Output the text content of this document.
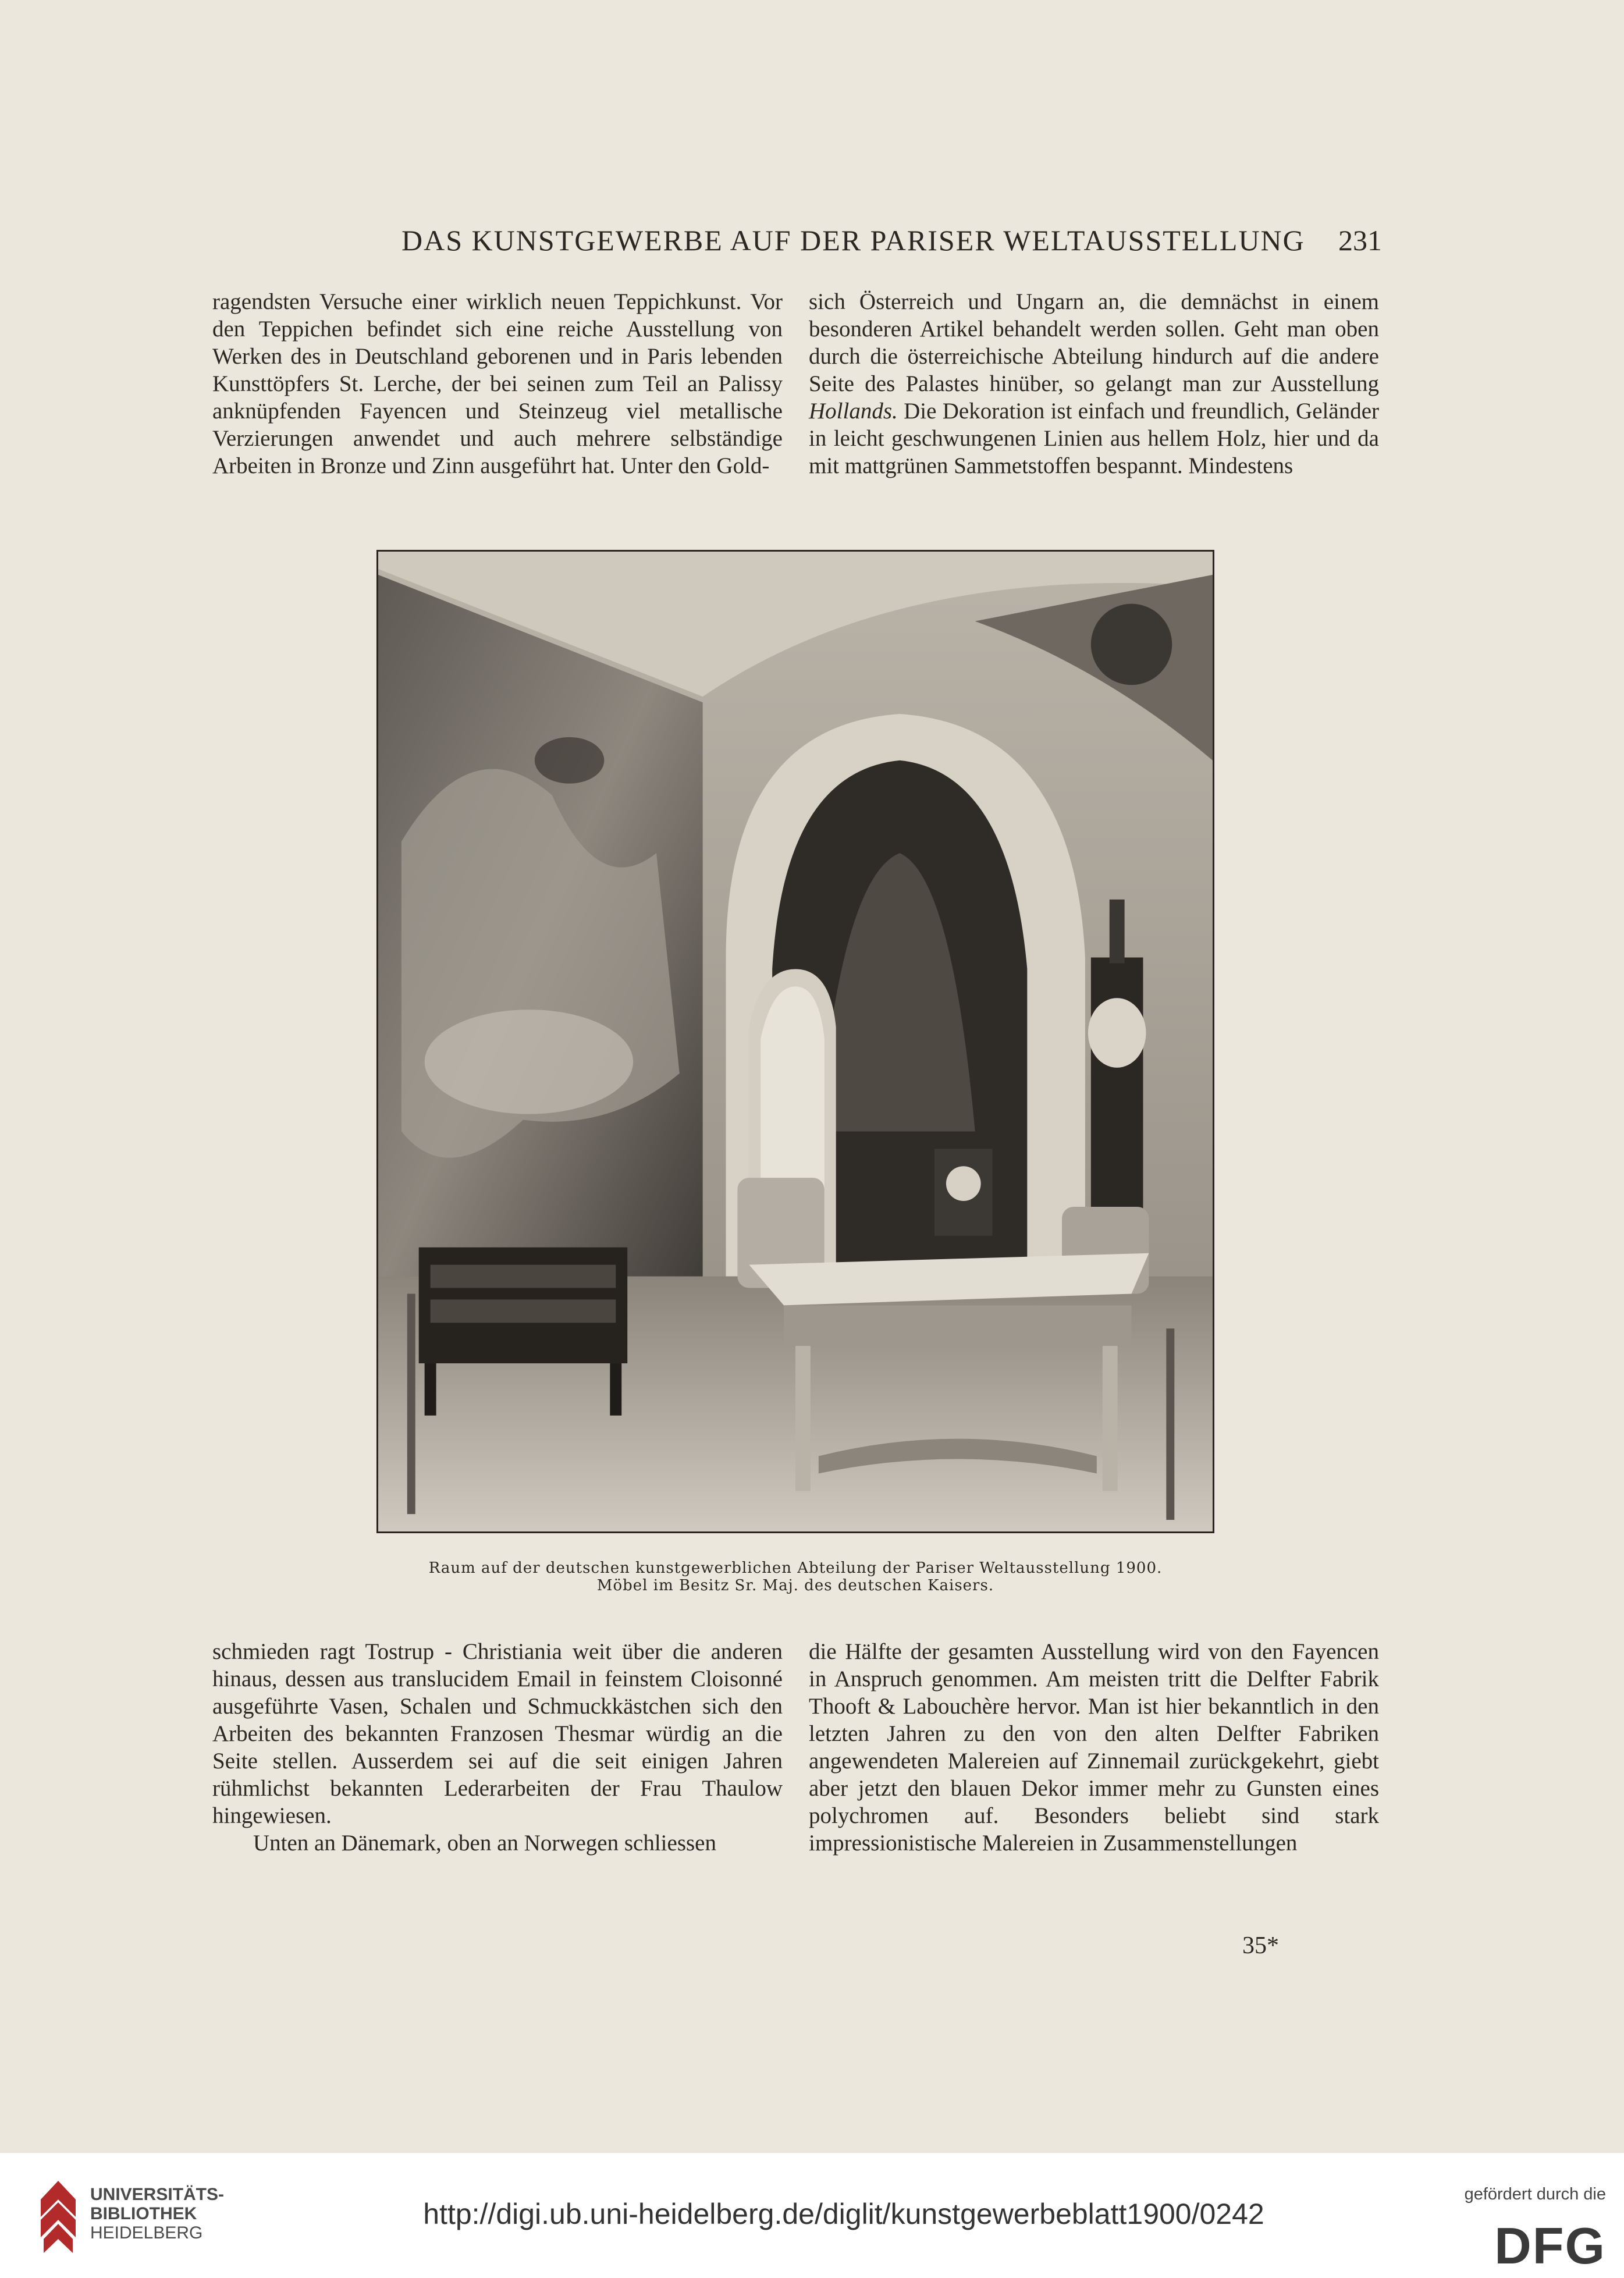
DAS KUNSTGEWERBE AUF DER PARISER WELTAUSSTELLUNG	231

ragendsten Versuche einer wirklich neuen Teppichkunst. Vor den Teppichen befindet sich eine reiche Ausstellung von Werken des in Deutschland geborenen und in Paris lebenden Kunsttöpfers St. Lerche, der bei seinen zum Teil an Palissy anknüpfenden Fayencen und Steinzeug viel metallische Verzierungen anwendet und auch mehrere selbständige Arbeiten in Bronze und Zinn ausgeführt hat. Unter den Gold-

sich Österreich und Ungarn an, die demnächst in einem besonderen Artikel behandelt werden sollen. Geht man oben durch die österreichische Abteilung hindurch auf die andere Seite des Palastes hinüber, so gelangt man zur Ausstellung Hollands. Die Dekoration ist einfach und freundlich, Geländer in leicht geschwungenen Linien aus hellem Holz, hier und da mit mattgrünen Sammetstoffen bespannt. Mindestens

Raum auf der deutschen kunstgewerblichen Abteilung der Pariser Weltausstellung 1900.
Möbel im Besitz Sr. Maj. des deutschen Kaisers.

schmieden ragt Tostrup - Christiania weit über die anderen hinaus, dessen aus translucidem Email in feinstem Cloisonné ausgeführte Vasen, Schalen und Schmuckkästchen sich den Arbeiten des bekannten Franzosen Thesmar würdig an die Seite stellen. Ausserdem sei auf die seit einigen Jahren rühmlichst bekannten Lederarbeiten der Frau Thaulow hingewiesen.

Unten an Dänemark, oben an Norwegen schliessen

die Hälfte der gesamten Ausstellung wird von den Fayencen in Anspruch genommen. Am meisten tritt die Delfter Fabrik Thooft & Labouchère hervor. Man ist hier bekanntlich in den letzten Jahren zu den von den alten Delfter Fabriken angewendeten Malereien auf Zinnemail zurückgekehrt, giebt aber jetzt den blauen Dekor immer mehr zu Gunsten eines polychromen auf. Besonders beliebt sind stark impressionistische Malereien in Zusammenstellungen

35*
UNIVERSITÄTS-
BIBLIOTHEK
HEIDELBERG
http://digi.ub.uni-heidelberg.de/diglit/kunstgewerbeblatt1900/0242
gefördert durch die
DFG
